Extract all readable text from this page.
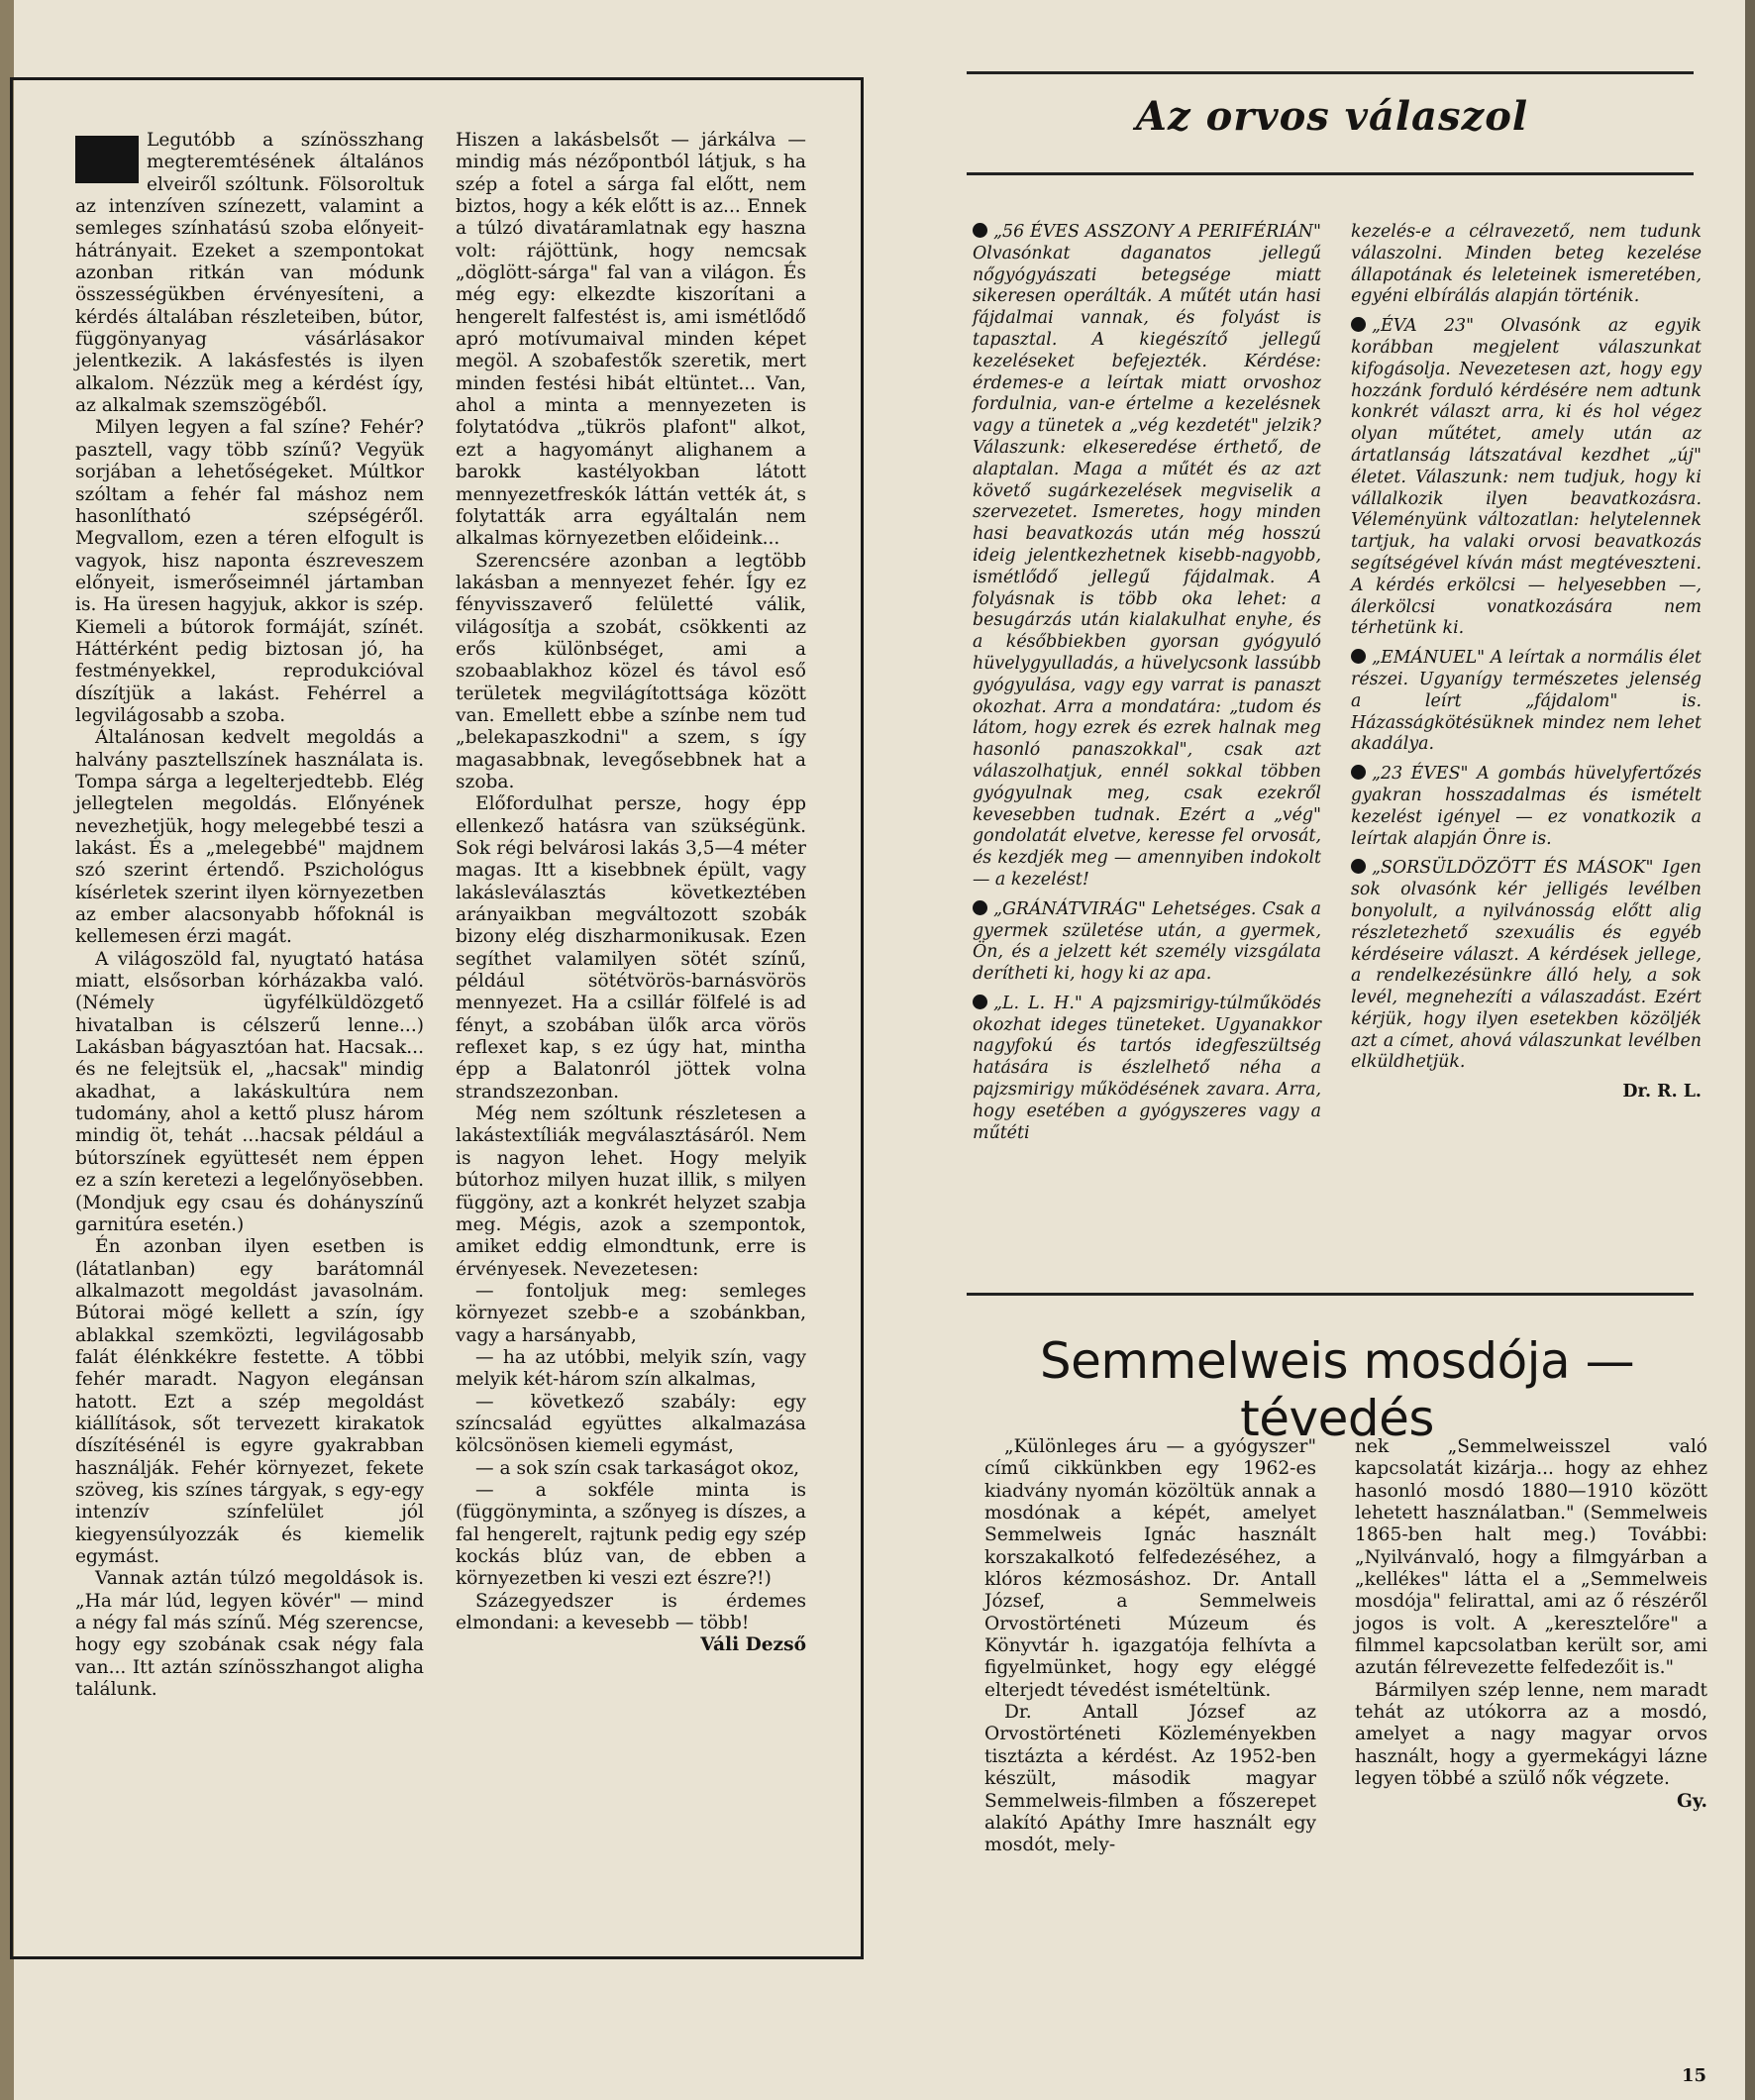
Legutóbb a színösszhang megteremtésének általános elveiről szóltunk. Fölsoroltuk az intenzíven színezett, valamint a semleges színhatású szoba előnyeit-hátrányait. Ezeket a szempontokat azonban ritkán van módunk összességükben érvényesíteni, a kérdés általában részleteiben, bútor, függönyanyag vásárlásakor jelentkezik. A lakásfestés is ilyen alkalom. Nézzük meg a kérdést így, az alkalmak szemszögéből.

Milyen legyen a fal színe? Fehér? pasztell, vagy több színű? Vegyük sorjában a lehetőségeket. Múltkor szóltam a fehér fal máshoz nem hasonlítható szépségéről. Megvallom, ezen a téren elfogult is vagyok, hisz naponta észreveszem előnyeit, ismerőseimnél jártamban is. Ha üresen hagyjuk, akkor is szép. Kiemeli a bútorok formáját, színét. Háttérként pedig biztosan jó, ha festményekkel, reprodukcióval díszítjük a lakást. Fehérrel a legvilágosabb a szoba.

Általánosan kedvelt megoldás a halvány pasztellszínek használata is. Tompa sárga a legelterjedtebb. Elég jellegtelen megoldás. Előnyének nevezhetjük, hogy melegebbé teszi a lakást. És a „melegebbé" majdnem szó szerint értendő. Pszichológus kísérletek szerint ilyen környezetben az ember alacsonyabb hőfoknál is kellemesen érzi magát.

A világoszöld fal, nyugtató hatása miatt, elsősorban kórházakba való. (Némely ügyfélküldözgető hivatalban is célszerű lenne...) Lakásban bágyasztóan hat. Hacsak... és ne felejtsük el, „hacsak" mindig akadhat, a lakáskultúra nem tudomány, ahol a kettő plusz három mindig öt, tehát ...hacsak például a bútorszínek együttesét nem éppen ez a szín keretezi a legelőnyösebben. (Mondjuk egy csau és dohányszínű garnitúra esetén.)

Én azonban ilyen esetben is (látatlanban) egy barátomnál alkalmazott megoldást javasolnám. Bútorai mögé kellett a szín, így ablakkal szemközti, legvilágosabb falát élénkkékre festette. A többi fehér maradt. Nagyon elegánsan hatott. Ezt a szép megoldást kiállítások, sőt tervezett kirakatok díszítésénél is egyre gyakrabban használják. Fehér környezet, fekete szöveg, kis színes tárgyak, s egy-egy intenzív színfelület jól kiegyensúlyozzák és kiemelik egymást.

Vannak aztán túlzó megoldások is. „Ha már lúd, legyen kövér" — mind a négy fal más színű. Még szerencse, hogy egy szobának csak négy fala van... Itt aztán színösszhangot aligha találunk.

Hiszen a lakásbelsőt — járkálva — mindig más nézőpontból látjuk, s ha szép a fotel a sárga fal előtt, nem biztos, hogy a kék előtt is az... Ennek a túlzó divatáramlatnak egy haszna volt: rájöttünk, hogy nemcsak „döglött-sárga" fal van a világon. És még egy: elkezdte kiszorítani a hengerelt falfestést is, ami ismétlődő apró motívumaival minden képet megöl. A szobafestők szeretik, mert minden festési hibát eltüntet... Van, ahol a minta a mennyezeten is folytatódva „tükrös plafont" alkot, ezt a hagyományt alighanem a barokk kastélyokban látott mennyezetfreskók láttán vették át, s folytatták arra egyáltalán nem alkalmas környezetben előideink...

Szerencsére azonban a legtöbb lakásban a mennyezet fehér. Így ez fényvisszaverő felületté válik, világosítja a szobát, csökkenti az erős különbséget, ami a szobaablakhoz közel és távol eső területek megvilágítottsága között van. Emellett ebbe a színbe nem tud „belekapaszkodni" a szem, s így magasabbnak, levegősebbnek hat a szoba.

Előfordulhat persze, hogy épp ellenkező hatásra van szükségünk. Sok régi belvárosi lakás 3,5—4 méter magas. Itt a kisebbnek épült, vagy lakásleválasztás következtében arányaikban megváltozott szobák bizony elég diszharmonikusak. Ezen segíthet valamilyen sötét színű, például sötétvörös-barnásvörös mennyezet. Ha a csillár fölfelé is ad fényt, a szobában ülők arca vörös reflexet kap, s ez úgy hat, mintha épp a Balatonról jöttek volna strandszezonban.

Még nem szóltunk részletesen a lakástextíliák megválasztásáról. Nem is nagyon lehet. Hogy melyik bútorhoz milyen huzat illik, s milyen függöny, azt a konkrét helyzet szabja meg. Mégis, azok a szempontok, amiket eddig elmondtunk, erre is érvényesek. Nevezetesen:

— fontoljuk meg: semleges környezet szebb-e a szobánkban, vagy a harsányabb,

— ha az utóbbi, melyik szín, vagy melyik két-három szín alkalmas,

— következő szabály: egy színcsalád együttes alkalmazása kölcsönösen kiemeli egymást,

— a sok szín csak tarkaságot okoz,

— a sokféle minta is (függönyminta, a szőnyeg is díszes, a fal hengerelt, rajtunk pedig egy szép kockás blúz van, de ebben a környezetben ki veszi ezt észre?!)

Százegyedszer is érdemes elmondani: a kevesebb — több!

Váli Dezső
Az orvos válaszol

„56 ÉVES ASSZONY A PERIFÉRIÁN" Olvasónkat daganatos jellegű nőgyógyászati betegsége miatt sikeresen operálták. A műtét után hasi fájdalmai vannak, és folyást is tapasztal. A kiegészítő jellegű kezeléseket befejezték. Kérdése: érdemes-e a leírtak miatt orvoshoz fordulnia, van-e értelme a kezelésnek vagy a tünetek a „vég kezdetét" jelzik? Válaszunk: elkeseredése érthető, de alaptalan. Maga a műtét és az azt követő sugárkezelések megviselik a szervezetet. Ismeretes, hogy minden hasi beavatkozás után még hosszú ideig jelentkezhetnek kisebb-nagyobb, ismétlődő jellegű fájdalmak. A folyásnak is több oka lehet: a besugárzás után kialakulhat enyhe, és a későbbiekben gyorsan gyógyuló hüvelygyulladás, a hüvelycsonk lassúbb gyógyulása, vagy egy varrat is panaszt okozhat. Arra a mondatára: „tudom és látom, hogy ezrek és ezrek halnak meg hasonló panaszokkal", csak azt válaszolhatjuk, ennél sokkal többen gyógyulnak meg, csak ezekről kevesebben tudnak. Ezért a „vég" gondolatát elvetve, keresse fel orvosát, és kezdjék meg — amennyiben indokolt — a kezelést!

„GRÁNÁTVIRÁG" Lehetséges. Csak a gyermek születése után, a gyermek, Ön, és a jelzett két személy vizsgálata derítheti ki, hogy ki az apa.

„L. L. H." A pajzsmirigy-túlműködés okozhat ideges tüneteket. Ugyanakkor nagyfokú és tartós idegfeszültség hatására is észlelhető néha a pajzsmirigy működésének zavara. Arra, hogy esetében a gyógyszeres vagy a műtéti

kezelés-e a célravezető, nem tudunk válaszolni. Minden beteg kezelése állapotának és leleteinek ismeretében, egyéni elbírálás alapján történik.

„ÉVA 23" Olvasónk az egyik korábban megjelent válaszunkat kifogásolja. Nevezetesen azt, hogy egy hozzánk forduló kérdésére nem adtunk konkrét választ arra, ki és hol végez olyan műtétet, amely után az ártatlanság látszatával kezdhet „új" életet. Válaszunk: nem tudjuk, hogy ki vállalkozik ilyen beavatkozásra. Véleményünk változatlan: helytelennek tartjuk, ha valaki orvosi beavatkozás segítségével kíván mást megtéveszteni. A kérdés erkölcsi — helyesebben —, álerkölcsi vonatkozására nem térhetünk ki.

„EMÁNUEL" A leírtak a normális élet részei. Ugyanígy természetes jelenség a leírt „fájdalom" is. Házasságkötésüknek mindez nem lehet akadálya.

„23 ÉVES" A gombás hüvelyfertőzés gyakran hosszadalmas és ismételt kezelést igényel — ez vonatkozik a leírtak alapján Önre is.

„SORSÜLDÖZÖTT ÉS MÁSOK" Igen sok olvasónk kér jelligés levélben bonyolult, a nyilvánosság előtt alig részletezhető szexuális és egyéb kérdéseire választ. A kérdések jellege, a rendelkezésünkre álló hely, a sok levél, megnehezíti a válaszadást. Ezért kérjük, hogy ilyen esetekben közöljék azt a címet, ahová válaszunkat levélben elküldhetjük.

Dr. R. L.
Semmelweis mosdója — tévedés

„Különleges áru — a gyógyszer" című cikkünkben egy 1962-es kiadvány nyomán közöltük annak a mosdónak a képét, amelyet Semmelweis Ignác használt korszakalkotó felfedezéséhez, a klóros kézmosáshoz. Dr. Antall József, a Semmelweis Orvostörténeti Múzeum és Könyvtár h. igazgatója felhívta a figyelmünket, hogy egy eléggé elterjedt tévedést ismételtünk.

Dr. Antall József az Orvostörténeti Közleményekben tisztázta a kérdést. Az 1952-ben készült, második magyar Semmelweis-filmben a főszerepet alakító Apáthy Imre használt egy mosdót, mely-

nek „Semmelweisszel való kapcsolatát kizárja... hogy az ehhez hasonló mosdó 1880—1910 között lehetett használatban." (Semmelweis 1865-ben halt meg.) További: „Nyilvánvaló, hogy a filmgyárban a „kellékes" látta el a „Semmelweis mosdója" felirattal, ami az ő részéről jogos is volt. A „keresztelőre" a filmmel kapcsolatban került sor, ami azután félrevezette felfedezőit is."

Bármilyen szép lenne, nem maradt tehát az utókorra az a mosdó, amelyet a nagy magyar orvos használt, hogy a gyermekágyi lázne legyen többé a szülő nők végzete.

Gy.
15
